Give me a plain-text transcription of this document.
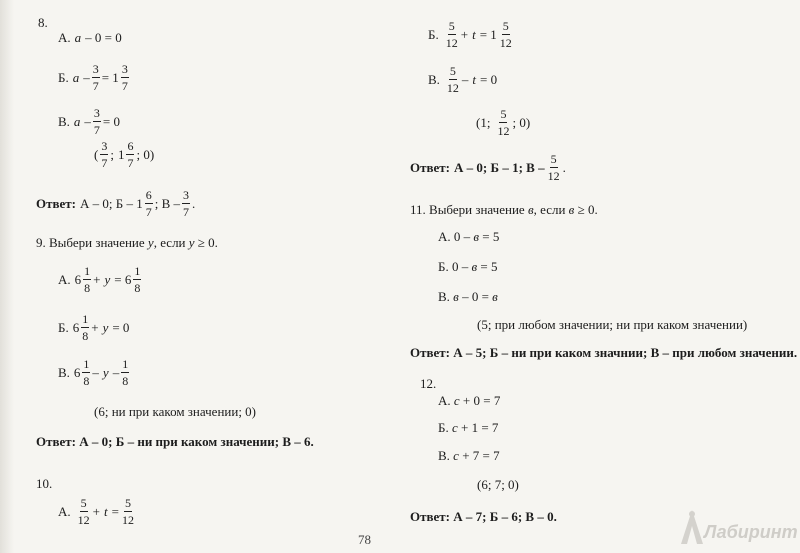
8.
А. a – 0 = 0
Б. $a - \frac{3}{7} = 1 \frac{3}{7}$
В. $a - \frac{3}{7} = 0$
( $\frac{3}{7}$ ; $1 \frac{6}{7}$ ; 0)
Ответ: А – 0; Б – $1 \frac{6}{7}$ ; В – $\frac{3}{7}$ .
9. Выбери значение y, если y ≥ 0.
А. $6 \frac{1}{8} + y = 6 \frac{1}{8}$
Б. $6 \frac{1}{8} + y = 0$
В. $6 \frac{1}{8}$ – y – $\frac{1}{8}$
(6; ни при каком значении; 0)
Ответ: А – 0; Б – ни при каком значении; В – 6.
10.
А. $\frac{5}{12} + t = \frac{5}{12}$
78
Б. $\frac{5}{12} + t = 1 \frac{5}{12}$
В. $\frac{5}{12} - t = 0$
(1; $\frac{5}{12}$ ; 0)
Ответ: А – 0; Б – 1; В – $\frac{5}{12}$ .
11. Выбери значение в, если в ≥ 0.
А. 0 – в = 5
Б. 0 – в = 5
В. в – 0 = в
(5; при любом значении; ни при каком значении)
Ответ: А – 5; Б – ни при каком значнии; В – при любом значении.
12.
А. c + 0 = 7
Б. c + 1 = 7
В. c + 7 = 7
(6; 7; 0)
Ответ: А – 7; Б – 6; В – 0.
Лабиринт
